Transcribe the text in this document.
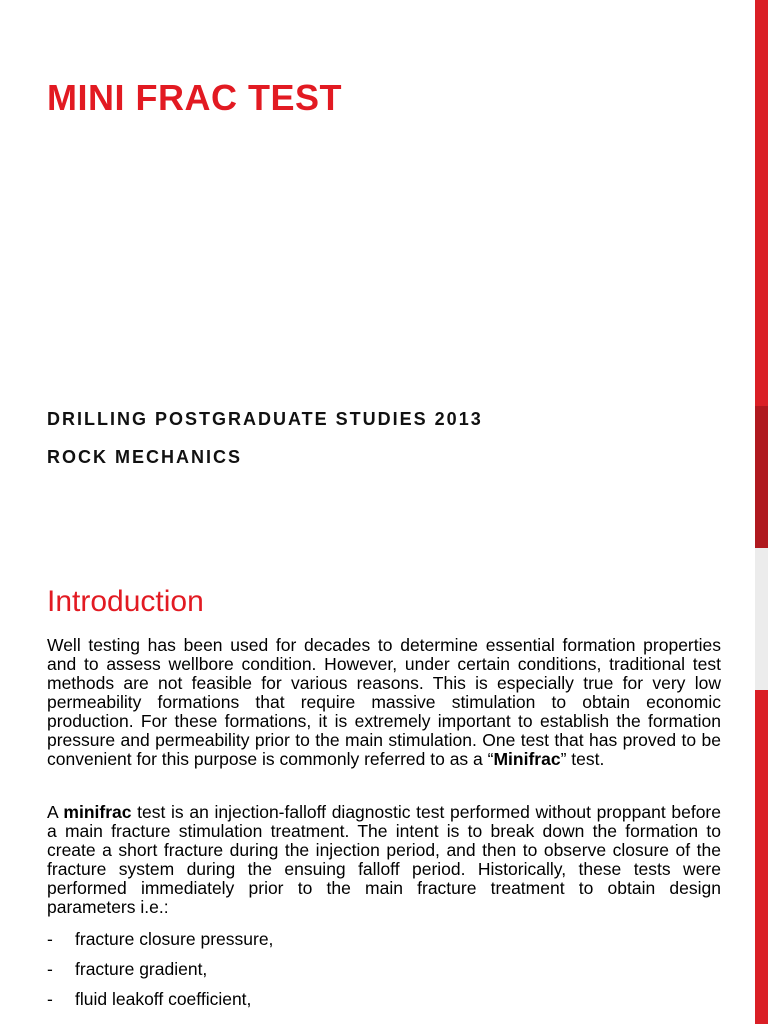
MINI FRAC TEST
DRILLING POSTGRADUATE STUDIES 2013
ROCK MECHANICS
Introduction
Well testing has been used for decades to determine essential formation properties and to assess wellbore condition. However, under certain conditions, traditional test methods are not feasible for various reasons. This is especially true for very low permeability formations that require massive stimulation to obtain economic production. For these formations, it is extremely important to establish the formation pressure and permeability prior to the main stimulation. One test that has proved to be convenient for this purpose is commonly referred to as a “Minifrac” test.
A minifrac test is an injection-falloff diagnostic test performed without proppant before a main fracture stimulation treatment. The intent is to break down the formation to create a short fracture during the injection period, and then to observe closure of the fracture system during the ensuing falloff period. Historically, these tests were performed immediately prior to the main fracture treatment to obtain design parameters i.e.:
- fracture closure pressure,
- fracture gradient,
- fluid leakoff coefficient,
